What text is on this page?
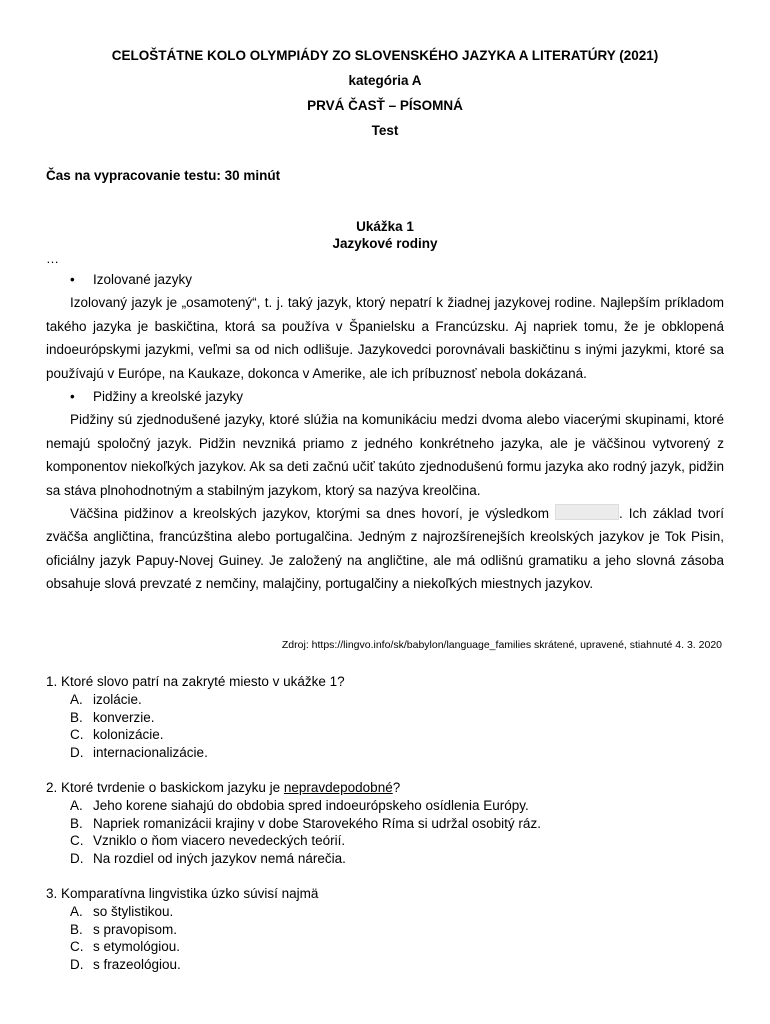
CELOŠTÁTNE KOLO OLYMPIÁDY ZO SLOVENSKÉHO JAZYKA A LITERATÚRY (2021)
kategória A
PRVÁ ČASŤ – PÍSOMNÁ
Test
Čas na vypracovanie testu: 30 minút
Ukážka 1
Jazykové rodiny
…
• Izolované jazyky
Izolovaný jazyk je „osamotený“, t. j. taký jazyk, ktorý nepatrí k žiadnej jazykovej rodine. Najlepším príkladom takého jazyka je baskičtina, ktorá sa používa v Španielsku a Francúzsku. Aj napriek tomu, že je obklopená indoeurópskymi jazykmi, veľmi sa od nich odlišuje. Jazykovedci porovnávali baskičtinu s inými jazykmi, ktoré sa používajú v Európe, na Kaukaze, dokonca v Amerike, ale ich príbuznosť nebola dokázaná.
• Pidžiny a kreolské jazyky
Pidžiny sú zjednodušené jazyky, ktoré slúžia na komunikáciu medzi dvoma alebo viacerými skupinami, ktoré nemajú spoločný jazyk. Pidžin nevzniká priamo z jedného konkrétneho jazyka, ale je väčšinou vytvorený z komponentov niekoľkých jazykov. Ak sa deti začnú učiť takúto zjednodušenú formu jazyka ako rodný jazyk, pidžin sa stáva plnohodnotným a stabilným jazykom, ktorý sa nazýva kreolčina.
Väčšina pidžinov a kreolských jazykov, ktorými sa dnes hovorí, je výsledkom	. Ich základ tvorí zväčša angličtina, francúzština alebo portugalčina. Jedným z najrozšírenejších kreolských jazykov je Tok Pisin, oficiálny jazyk Papuy-Novej Guiney. Je založený na angličtine, ale má odlišnú gramatiku a jeho slovná zásoba obsahuje slová prevzaté z nemčiny, malajčiny, portugalčiny a niekoľkých miestnych jazykov.
Zdroj: https://lingvo.info/sk/babylon/language_families skrátené, upravené, stiahnuté 4. 3. 2020
1. Ktoré slovo patrí na zakryté miesto v ukážke 1?
A. izolácie.
B. konverzie.
C. kolonizácie.
D. internacionalizácie.
2. Ktoré tvrdenie o baskickom jazyku je nepravdepodobné?
A. Jeho korene siahajú do obdobia spred indoeurópskeho osídlenia Európy.
B. Napriek romanizácii krajiny v dobe Starovekého Ríma si udržal osobitý ráz.
C. Vzniklo o ňom viacero nevedeckých teórií.
D. Na rozdiel od iných jazykov nemá nárečia.
3. Komparatívna lingvistika úzko súvisí najmä
A. so štylistikou.
B. s pravopisom.
C. s etymológiou.
D. s frazeológiou.
